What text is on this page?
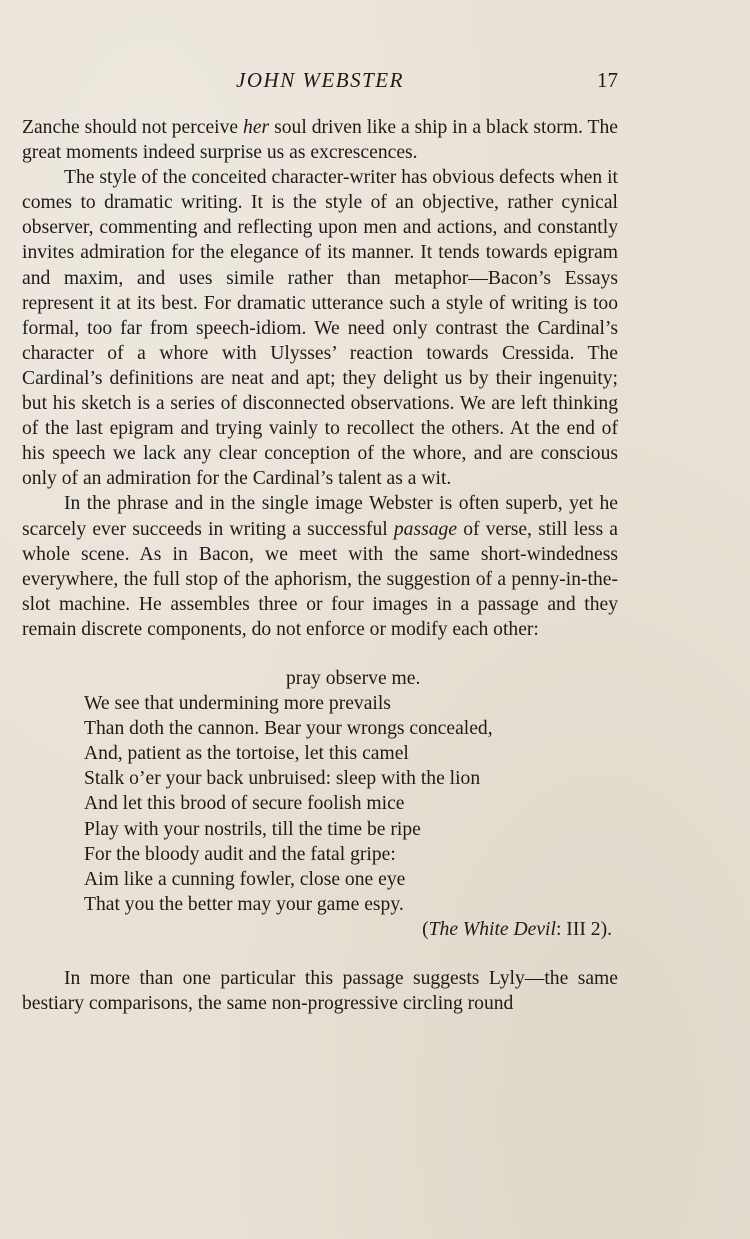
JOHN WEBSTER	17

Zanche should not perceive her soul driven like a ship in a black storm. The great moments indeed surprise us as excrescences.

The style of the conceited character-writer has obvious defects when it comes to dramatic writing. It is the style of an objective, rather cynical observer, commenting and reflecting upon men and actions, and constantly invites admiration for the elegance of its manner. It tends towards epigram and maxim, and uses simile rather than metaphor—Bacon’s Essays represent it at its best. For dramatic utterance such a style of writing is too formal, too far from speech-idiom. We need only contrast the Cardinal’s character of a whore with Ulysses’ reaction towards Cressida. The Cardinal’s definitions are neat and apt; they delight us by their ingenuity; but his sketch is a series of disconnected observations. We are left thinking of the last epigram and trying vainly to recollect the others. At the end of his speech we lack any clear conception of the whore, and are conscious only of an admiration for the Cardinal’s talent as a wit.

In the phrase and in the single image Webster is often superb, yet he scarcely ever succeeds in writing a successful passage of verse, still less a whole scene. As in Bacon, we meet with the same short-windedness everywhere, the full stop of the aphorism, the suggestion of a penny-in-the-slot machine. He assembles three or four images in a passage and they remain discrete components, do not enforce or modify each other:

pray observe me.
We see that undermining more prevails
Than doth the cannon. Bear your wrongs concealed,
And, patient as the tortoise, let this camel
Stalk o’er your back unbruised: sleep with the lion
And let this brood of secure foolish mice
Play with your nostrils, till the time be ripe
For the bloody audit and the fatal gripe:
Aim like a cunning fowler, close one eye
That you the better may your game espy.
(The White Devil: III 2).

In more than one particular this passage suggests Lyly—the same bestiary comparisons, the same non-progressive circling round
